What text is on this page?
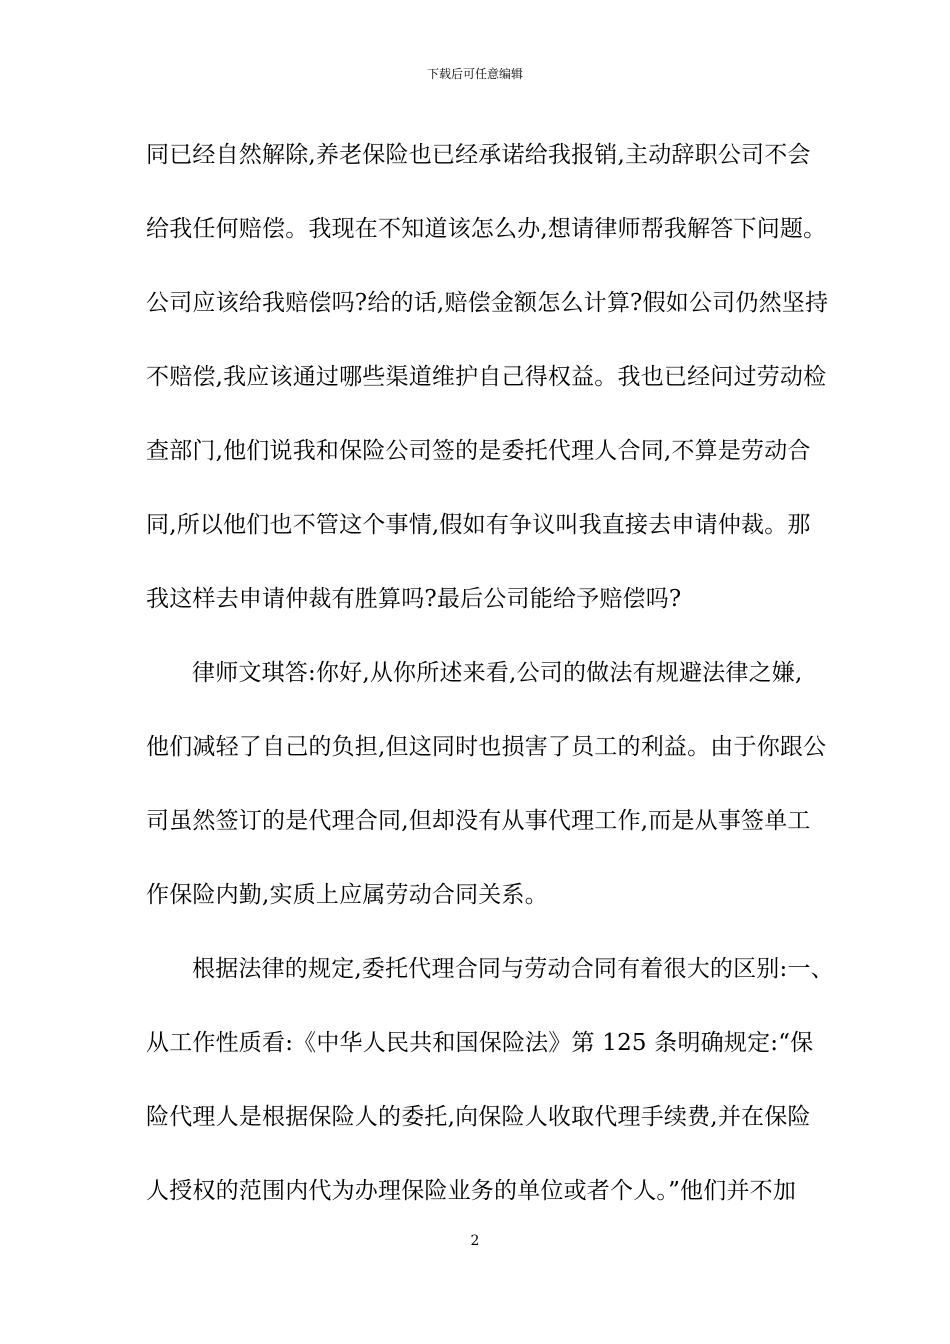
下载后可任意编辑
同已经自然解除,养老保险也已经承诺给我报销,主动辞职公司不会
给我任何赔偿。我现在不知道该怎么办,想请律师帮我解答下问题。
公司应该给我赔偿吗?给的话,赔偿金额怎么计算?假如公司仍然坚持
不赔偿,我应该通过哪些渠道维护自己得权益。我也已经问过劳动检
查部门,他们说我和保险公司签的是委托代理人合同,不算是劳动合
同,所以他们也不管这个事情,假如有争议叫我直接去申请仲裁。那
我这样去申请仲裁有胜算吗?最后公司能给予赔偿吗?
律师文琪答:你好,从你所述来看,公司的做法有规避法律之嫌,
他们减轻了自己的负担,但这同时也损害了员工的利益。由于你跟公
司虽然签订的是代理合同,但却没有从事代理工作,而是从事签单工
作保险内勤,实质上应属劳动合同关系。
根据法律的规定,委托代理合同与劳动合同有着很大的区别:一、
从工作性质看:《中华人民共和国保险法》第 125 条明确规定:“保
险代理人是根据保险人的委托,向保险人收取代理手续费,并在保险
人授权的范围内代为办理保险业务的单位或者个人。”他们并不加
2
